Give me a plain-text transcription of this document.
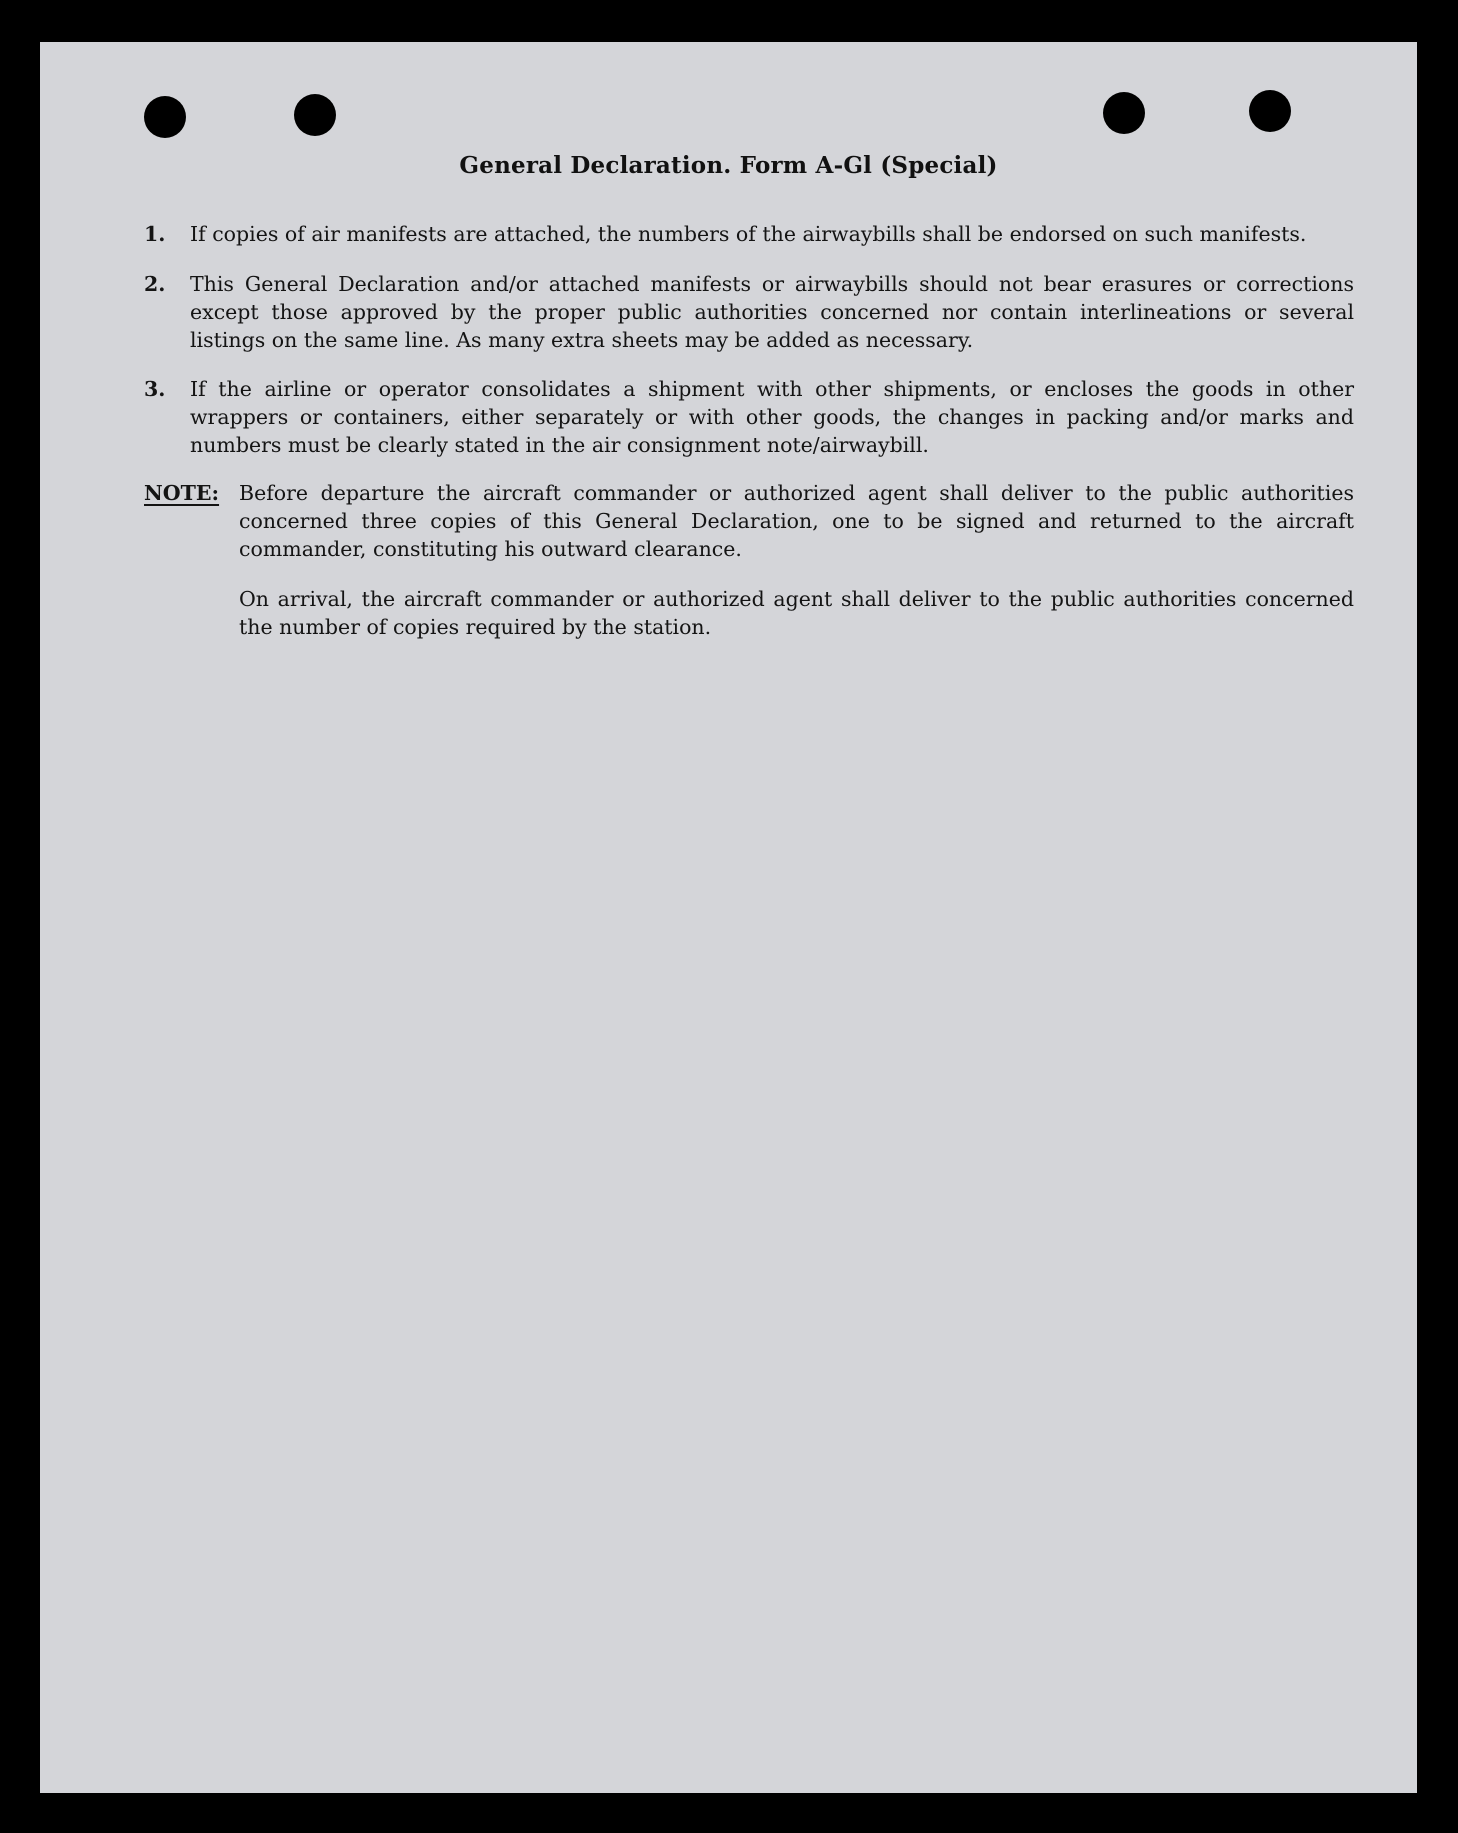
General Declaration. Form A-Gl (Special)
1.	If copies of air manifests are attached, the numbers of the airwaybills shall be endorsed on such manifests.
2.	This General Declaration and/or attached manifests or airwaybills should not bear erasures or corrections except those approved by the proper public authorities concerned nor contain interlineations or several listings on the same line. As many extra sheets may be added as necessary.
3.	If the airline or operator consolidates a shipment with other shipments, or encloses the goods in other wrappers or containers, either separately or with other goods, the changes in packing and/or marks and numbers must be clearly stated in the air consignment note/airwaybill.
NOTE: Before departure the aircraft commander or authorized agent shall deliver to the public authorities concerned three copies of this General Declaration, one to be signed and returned to the aircraft commander, constituting his outward clearance.

On arrival, the aircraft commander or authorized agent shall deliver to the public authorities concerned the number of copies required by the station.
